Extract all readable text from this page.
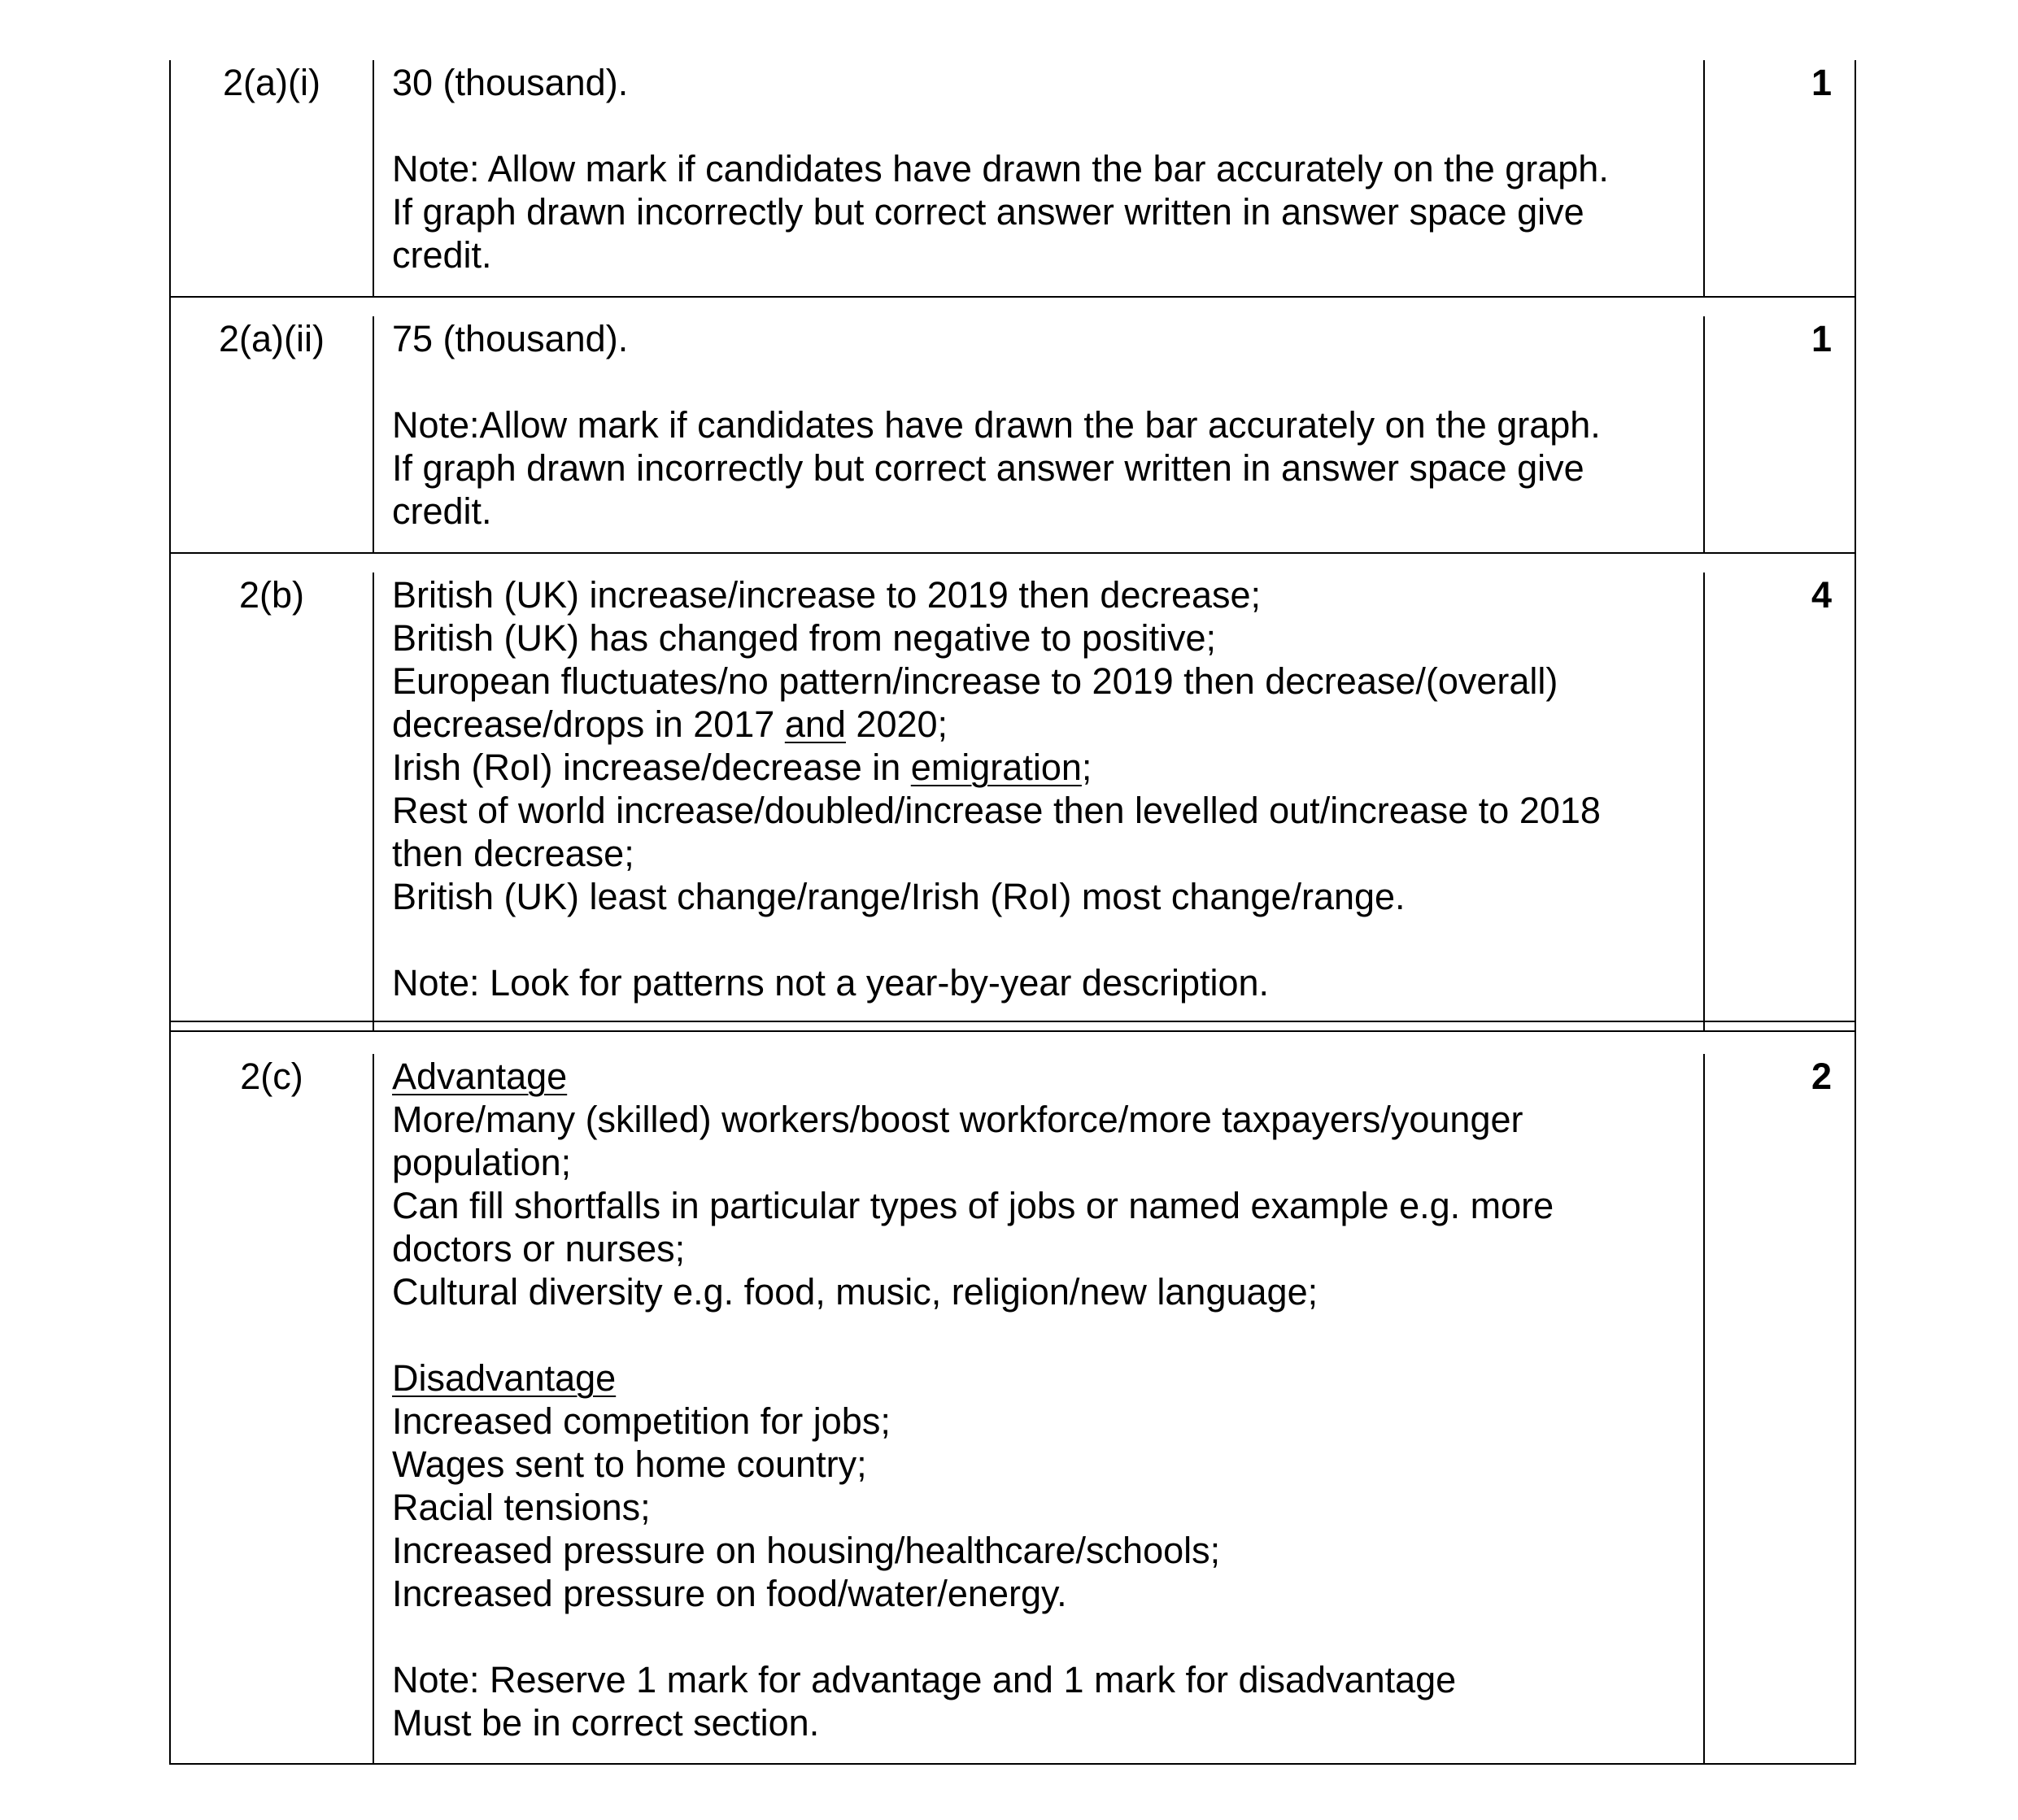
2(a)(i)	30 (thousand).

Note: Allow mark if candidates have drawn the bar accurately on the graph.

If graph drawn incorrectly but correct answer written in answer space give

credit.

1
2(a)(ii)	75 (thousand).

Note:Allow mark if candidates have drawn the bar accurately on the graph.

If graph drawn incorrectly but correct answer written in answer space give

credit.

1
2(b)	British (UK) increase/increase to 2019 then decrease;

British (UK) has changed from negative to positive;

European fluctuates/no pattern/increase to 2019 then decrease/(overall)

decrease/drops in 2017 and 2020;

Irish (RoI) increase/decrease in emigration;

Rest of world increase/doubled/increase then levelled out/increase to 2018

then decrease;

British (UK) least change/range/Irish (RoI) most change/range.

Note: Look for patterns not a year-by-year description.

4
2(c)	Advantage

More/many (skilled) workers/boost workforce/more taxpayers/younger

population;

Can fill shortfalls in particular types of jobs or named example e.g. more

doctors or nurses;

Cultural diversity e.g. food, music, religion/new language;

Disadvantage

Increased competition for jobs;

Wages sent to home country;

Racial tensions;

Increased pressure on housing/healthcare/schools;

Increased pressure on food/water/energy.

Note: Reserve 1 mark for advantage and 1 mark for disadvantage

Must be in correct section.

2
